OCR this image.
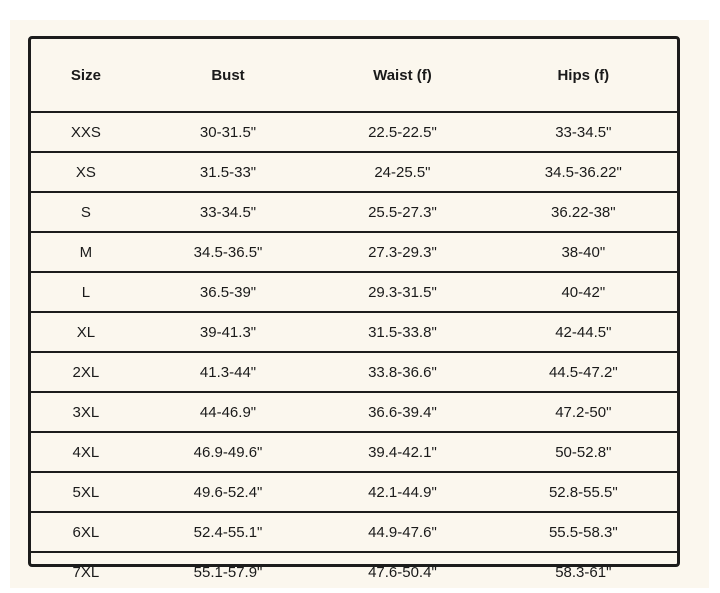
Size	Bust	Waist (f)	Hips (f)
XXS	30-31.5"	22.5-22.5"	33-34.5"
XS	31.5-33"	24-25.5"	34.5-36.22"
S	33-34.5"	25.5-27.3"	36.22-38"
M	34.5-36.5"	27.3-29.3"	38-40"
L	36.5-39"	29.3-31.5"	40-42"
XL	39-41.3"	31.5-33.8"	42-44.5"
2XL	41.3-44"	33.8-36.6"	44.5-47.2"
3XL	44-46.9"	36.6-39.4"	47.2-50"
4XL	46.9-49.6"	39.4-42.1"	50-52.8"
5XL	49.6-52.4"	42.1-44.9"	52.8-55.5"
6XL	52.4-55.1"	44.9-47.6"	55.5-58.3"
7XL	55.1-57.9"	47.6-50.4"	58.3-61"
